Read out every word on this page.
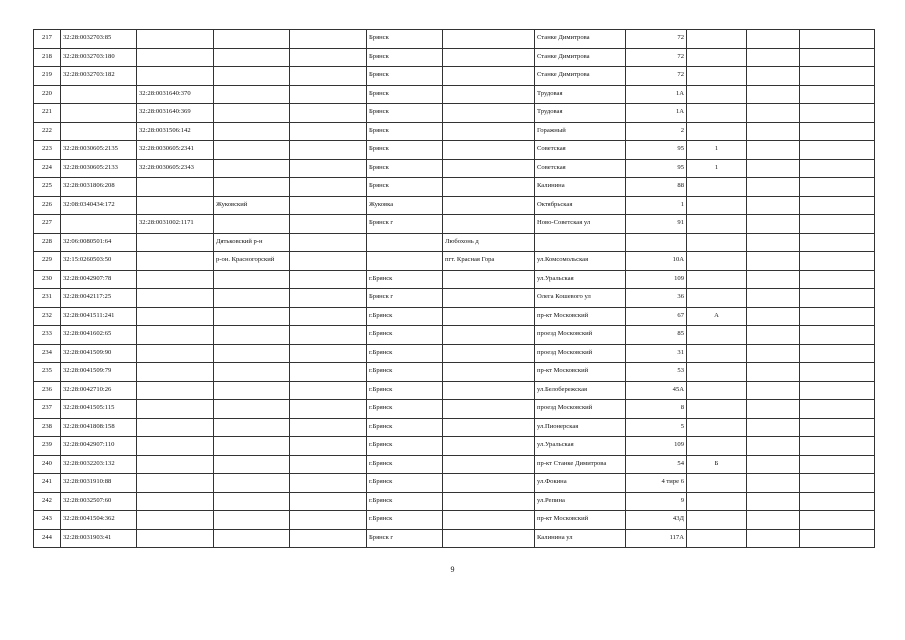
217	32:28:0032703:85				Брянск		Станке Димитрова	72			
218	32:28:0032703:180				Брянск		Станке Димитрова	72			
219	32:28:0032703:182				Брянск		Станке Димитрова	72			
220		32:28:0031640:370			Брянск		Трудовая	1А			
221		32:28:0031640:369			Брянск		Трудовая	1А			
222		32:28:0031506:142			Брянск		Горажный	2			
223	32:28:0030605:2135	32:28:0030605:2341			Брянск		Советская	95	1		
224	32:28:0030605:2133	32:28:0030605:2343			Брянск		Советская	95	1		
225	32:28:0031806:208				Брянск		Калинина	88			
226	32:08:0340434:172		Жуковский		Жуковка		Октябрьская	1			
227		32:28:0031002:1171			Брянск г		Ново-Советская ул	91			
228	32:06:0080501:64		Дятьковский р-н			Любохонь д					
229	32:15:0260503:50		р-он. Красногорский			пгт. Красная Гора	ул.Комсомольская	10А			
230	32:28:0042907:78				г.Брянск		ул.Уральская	109			
231	32:28:0042117:25				Брянск г		Олега Кошевого ул	36			
232	32:28:0041511:241				г.Брянск		пр-кт Московский	67	А		
233	32:28:0041602:65				г.Брянск		проезд Московский	85			
234	32:28:0041509:90				г.Брянск		проезд Московский	31			
235	32:28:0041509:79				г.Брянск		пр-кт Московский	53			
236	32:28:0042710:26				г.Брянск		ул.Белобережская	45А			
237	32:28:0041505:115				г.Брянск		проезд Московский	8			
238	32:28:0041808:158				г.Брянск		ул.Пионерская	5			
239	32:28:0042907:110				г.Брянск		ул.Уральская	109			
240	32:28:0032203:132				г.Брянск		пр-кт Станке Димитрова	54	Б		
241	32:28:0031910:88				г.Брянск		ул.Фокина	4 тире 6			
242	32:28:0032507:60				г.Брянск		ул.Репина	9			
243	32:28:0041504:362				г.Брянск		пр-кт Московский	43Д			
244	32:28:0031903:41				Брянск г		Калинина ул	117А			
9
